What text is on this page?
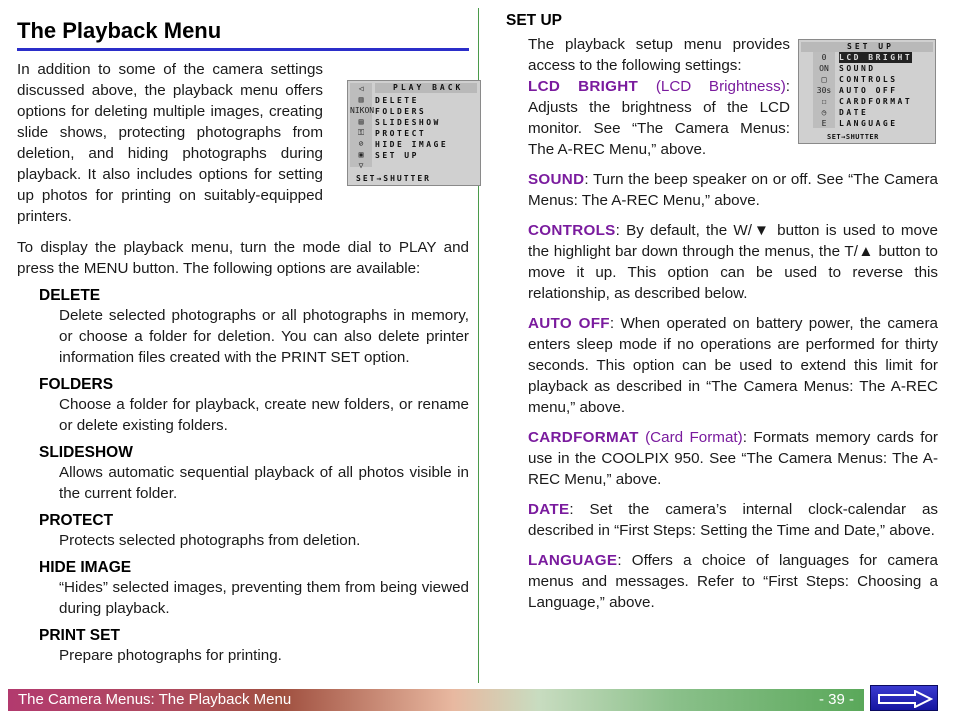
The Playback Menu

In addition to some of the camera settings discussed above, the playback menu offers options for deleting multiple images, creating slide shows, protecting photographs from deletion, and hiding photographs during playback. It also includes options for setting up photos for printing on suitably-equipped printers.

To display the playback menu, turn the mode dial to PLAY and press the MENU button. The following options are available:

◁
▥
NIKON
▤
⚿
⊘
▣
▽
PLAY BACK
DELETE
FOLDERS
SLIDESHOW
PROTECT
HIDE IMAGE
SET UP
SET→SHUTTER
DELETE

Delete selected photographs or all photographs in memory, or choose a folder for deletion. You can also delete printer information files created with the PRINT SET option.

FOLDERS

Choose a folder for playback, create new folders, or rename or delete existing folders.

SLIDESHOW

Allows automatic sequential playback of all photos visible in the current folder.

PROTECT

Protects selected photographs from deletion.

HIDE IMAGE

“Hides” selected images, preventing them from being viewed during playback.

PRINT SET

Prepare photographs for printing.

SET UP

The playback setup menu provides access to the following settings:

SET UP
0
ON
□
30s
☐
◷
E
LCD BRIGHT
SOUND
CONTROLS
AUTO OFF
CARDFORMAT
DATE
LANGUAGE
SET→SHUTTER

LCD BRIGHT (LCD Brightness): Adjusts the brightness of the LCD monitor. See “The Camera Menus: The A-REC Menu,” above.

SOUND: Turn the beep speaker on or off. See “The Camera Menus: The A-REC Menu,” above.

CONTROLS: By default, the W/▼ button is used to move the highlight bar down through the menus, the T/▲ button to move it up. This option can be used to reverse this relationship, as described below.

AUTO OFF: When operated on battery power, the camera enters sleep mode if no operations are performed for thirty seconds. This option can be used to extend this limit for playback as described in “The Camera Menus: The A-REC menu,” above.

CARDFORMAT (Card Format): Formats memory cards for use in the COOLPIX 950. See “The Camera Menus: The A-REC Menu,” above.

DATE: Set the camera’s internal clock-calendar as described in “First Steps: Setting the Time and Date,” above.

LANGUAGE: Offers a choice of languages for camera menus and messages. Refer to “First Steps: Choosing a Language,” above.

The Camera Menus: The Playback Menu	- 39 -
